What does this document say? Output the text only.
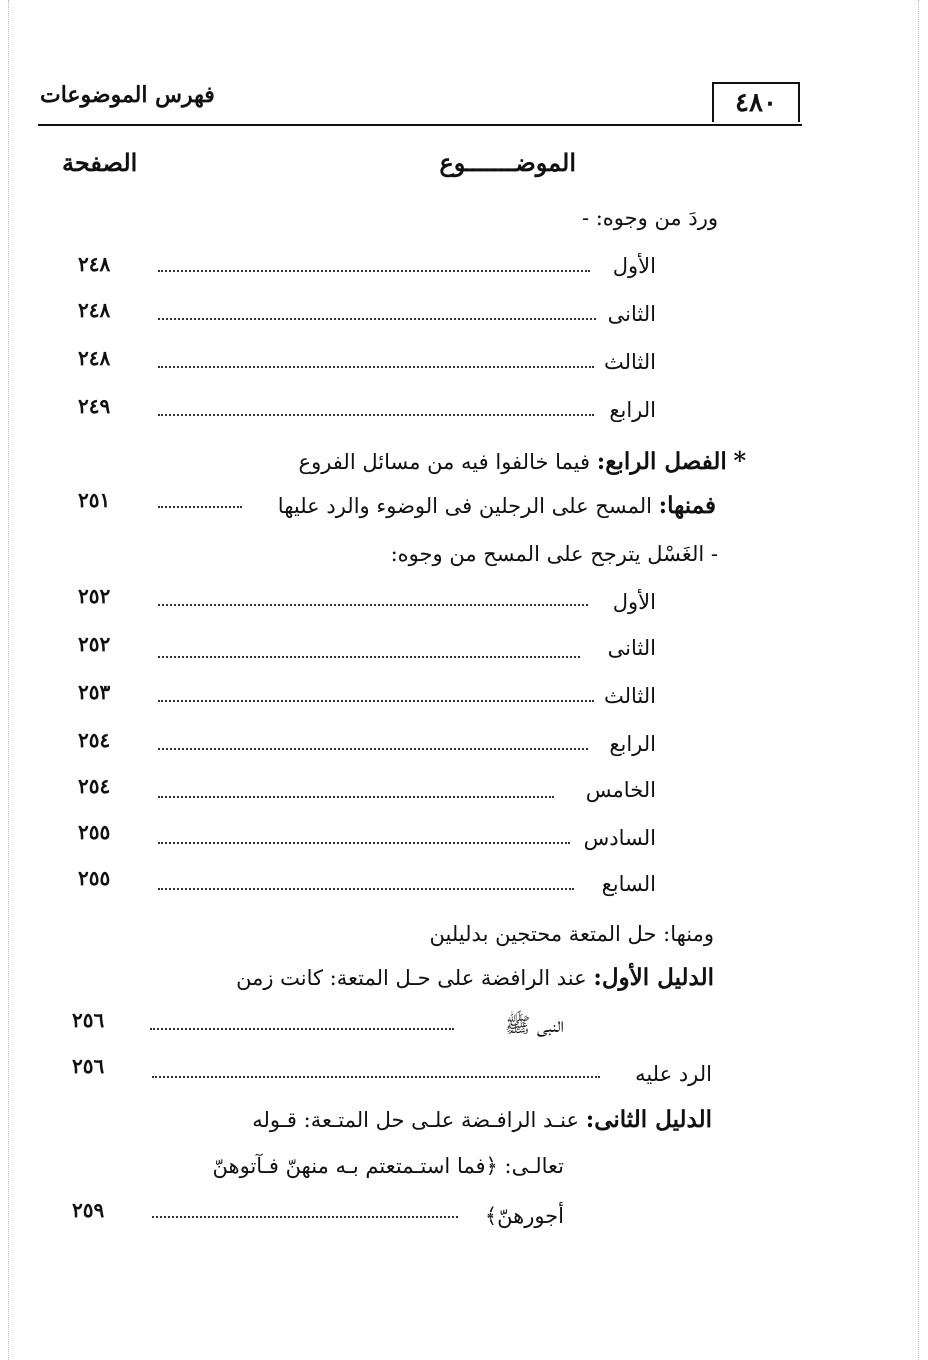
٤٨٠
فهرس الموضوعات
الموضـــــــوع
الصفحة
وردَ من وجوه: -
الأول
٢٤٨
الثانى
٢٤٨
الثالث
٢٤٨
الرابع
٢٤٩
* الفصل الرابع: فيما خالفوا فيه من مسائل الفروع
فمنها: المسح على الرجلين فى الوضوء والرد عليها
٢٥١
- الغَسْل يترجح على المسح من وجوه:
الأول
٢٥٢
الثانى
٢٥٢
الثالث
٢٥٣
الرابع
٢٥٤
الخامس
٢٥٤
السادس
٢٥٥
السابع
٢٥٥
ومنها: حل المتعة محتجين بدليلين
الدليل الأول: عند الرافضة على حـل المتعة: كانت زمن
النبى ﷺ
٢٥٦
الرد عليه
٢٥٦
الدليل الثانى: عنـد الرافـضة علـى حل المتـعة: قـوله
تعالـى: ﴿فما استـمتعتم بـه منهنّ فـآتوهنّ
أجورهنّ﴾
٢٥٩
